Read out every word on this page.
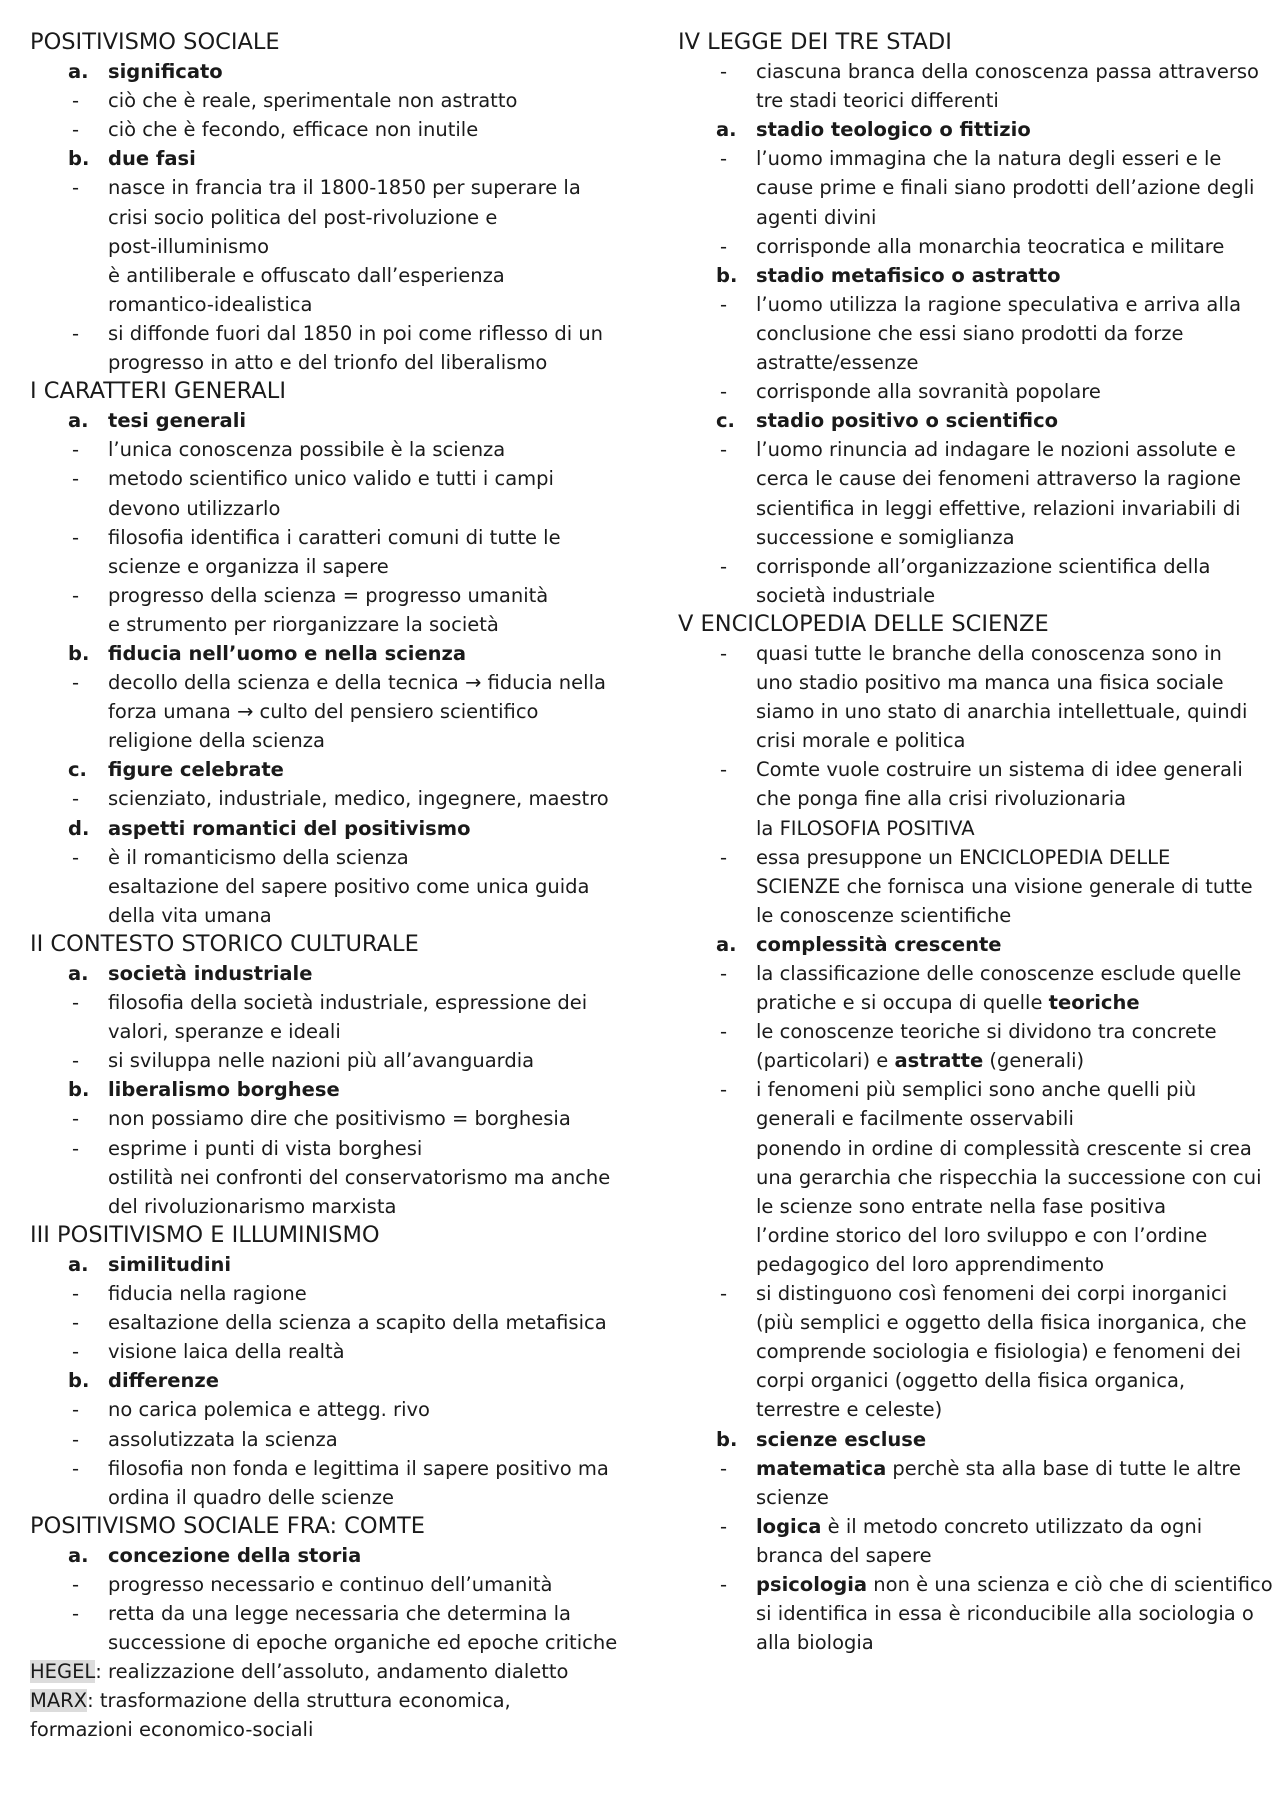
POSITIVISMO SOCIALE
a. significato
- ciò che è reale, sperimentale non astratto
- ciò che è fecondo, efficace non inutile
b. due fasi
- nasce in francia tra il 1800-1850 per superare la
crisi socio politica del post-rivoluzione e
post-illuminismo
è antiliberale e offuscato dall’esperienza
romantico-idealistica
- si diffonde fuori dal 1850 in poi come riflesso di un
progresso in atto e del trionfo del liberalismo
I CARATTERI GENERALI
a. tesi generali
- l’unica conoscenza possibile è la scienza
- metodo scientifico unico valido e tutti i campi
devono utilizzarlo
- filosofia identifica i caratteri comuni di tutte le
scienze e organizza il sapere
- progresso della scienza = progresso umanità
e strumento per riorganizzare la società
b. fiducia nell’uomo e nella scienza
- decollo della scienza e della tecnica → fiducia nella
forza umana → culto del pensiero scientifico
religione della scienza
c. figure celebrate
- scienziato, industriale, medico, ingegnere, maestro
d. aspetti romantici del positivismo
- è il romanticismo della scienza
esaltazione del sapere positivo come unica guida
della vita umana
II CONTESTO STORICO CULTURALE
a. società industriale
- filosofia della società industriale, espressione dei
valori, speranze e ideali
- si sviluppa nelle nazioni più all’avanguardia
b. liberalismo borghese
- non possiamo dire che positivismo = borghesia
- esprime i punti di vista borghesi
ostilità nei confronti del conservatorismo ma anche
del rivoluzionarismo marxista
III POSITIVISMO E ILLUMINISMO
a. similitudini
- fiducia nella ragione
- esaltazione della scienza a scapito della metafisica
- visione laica della realtà
b. differenze
- no carica polemica e attegg. rivo
- assolutizzata la scienza
- filosofia non fonda e legittima il sapere positivo ma
ordina il quadro delle scienze
POSITIVISMO SOCIALE FRA: COMTE
a. concezione della storia
- progresso necessario e continuo dell’umanità
- retta da una legge necessaria che determina la
successione di epoche organiche ed epoche critiche
HEGEL: realizzazione dell’assoluto, andamento dialetto
MARX: trasformazione della struttura economica,
formazioni economico-sociali
IV LEGGE DEI TRE STADI
- ciascuna branca della conoscenza passa attraverso
tre stadi teorici differenti
a. stadio teologico o fittizio
- l’uomo immagina che la natura degli esseri e le
cause prime e finali siano prodotti dell’azione degli
agenti divini
- corrisponde alla monarchia teocratica e militare
b. stadio metafisico o astratto
- l’uomo utilizza la ragione speculativa e arriva alla
conclusione che essi siano prodotti da forze
astratte/essenze
- corrisponde alla sovranità popolare
c. stadio positivo o scientifico
- l’uomo rinuncia ad indagare le nozioni assolute e
cerca le cause dei fenomeni attraverso la ragione
scientifica in leggi effettive, relazioni invariabili di
successione e somiglianza
- corrisponde all’organizzazione scientifica della
società industriale
V ENCICLOPEDIA DELLE SCIENZE
- quasi tutte le branche della conoscenza sono in
uno stadio positivo ma manca una fisica sociale
siamo in uno stato di anarchia intellettuale, quindi
crisi morale e politica
- Comte vuole costruire un sistema di idee generali
che ponga fine alla crisi rivoluzionaria
la FILOSOFIA POSITIVA
- essa presuppone un ENCICLOPEDIA DELLE
SCIENZE che fornisca una visione generale di tutte
le conoscenze scientifiche
a. complessità crescente
- la classificazione delle conoscenze esclude quelle
pratiche e si occupa di quelle teoriche
- le conoscenze teoriche si dividono tra concrete
(particolari) e astratte (generali)
- i fenomeni più semplici sono anche quelli più
generali e facilmente osservabili
ponendo in ordine di complessità crescente si crea
una gerarchia che rispecchia la successione con cui
le scienze sono entrate nella fase positiva
l’ordine storico del loro sviluppo e con l’ordine
pedagogico del loro apprendimento
- si distinguono così fenomeni dei corpi inorganici
(più semplici e oggetto della fisica inorganica, che
comprende sociologia e fisiologia) e fenomeni dei
corpi organici (oggetto della fisica organica,
terrestre e celeste)
b. scienze escluse
- matematica perchè sta alla base di tutte le altre
scienze
- logica è il metodo concreto utilizzato da ogni
branca del sapere
- psicologia non è una scienza e ciò che di scientifico
si identifica in essa è riconducibile alla sociologia o
alla biologia
